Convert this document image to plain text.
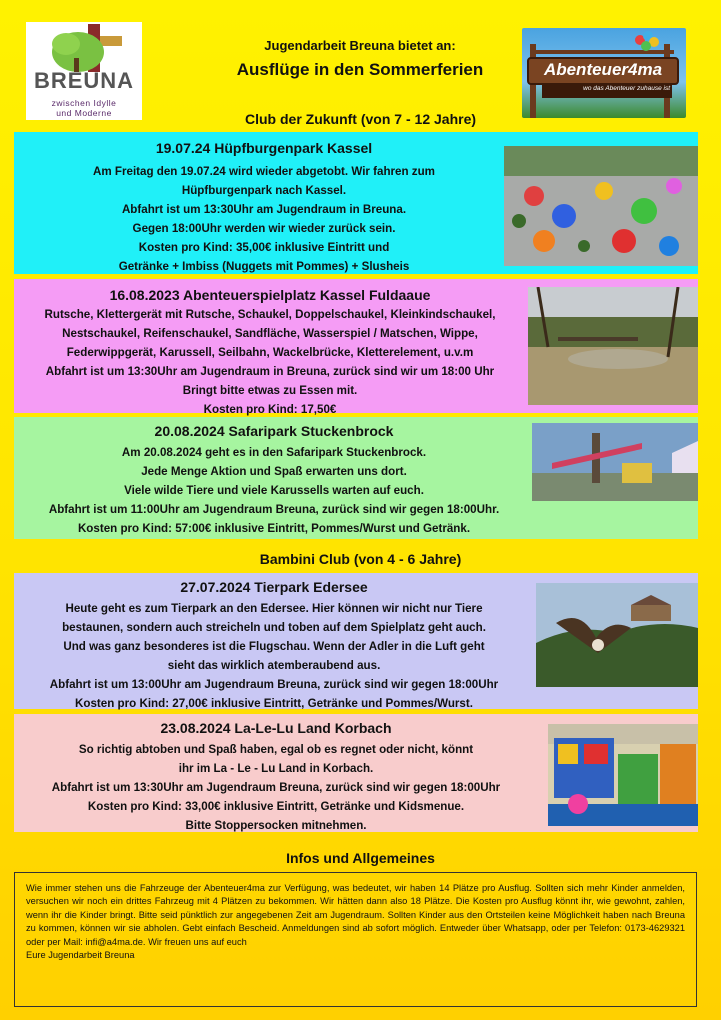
BREUNA
zwischen Idylle
und Moderne
Jugendarbeit Breuna bietet an:
Ausflüge in den Sommerferien	Abenteuer4ma
wo das Abenteuer zuhause ist
Club der Zukunft (von 7 - 12 Jahre)

19.07.24 Hüpfburgenpark Kassel

Am Freitag den 19.07.24 wird wieder abgetobt. Wir fahren zum

Hüpfburgenpark nach Kassel.

Abfahrt ist um 13:30Uhr am Jugendraum in Breuna.

Gegen 18:00Uhr werden wir wieder zurück sein.

Kosten pro Kind: 35,00€ inklusive Eintritt und

Getränke + Imbiss (Nuggets mit Pommes) + Slusheis

16.08.2023 Abenteuerspielplatz Kassel Fuldaaue

Rutsche, Klettergerät mit Rutsche, Schaukel, Doppelschaukel, Kleinkindschaukel,

Nestschaukel, Reifenschaukel, Sandfläche, Wasserspiel / Matschen, Wippe,

Federwippgerät, Karussell, Seilbahn, Wackelbrücke, Kletterelement, u.v.m

Abfahrt ist um 13:30Uhr am Jugendraum in Breuna, zurück sind wir um 18:00 Uhr

Bringt bitte etwas zu Essen mit.

Kosten pro Kind: 17,50€

20.08.2024 Safaripark Stuckenbrock

Am 20.08.2024 geht es in den Safaripark Stuckenbrock.

Jede Menge Aktion und Spaß erwarten uns dort.

Viele wilde Tiere und viele Karussells warten auf euch.

Abfahrt ist um 11:00Uhr am Jugendraum Breuna, zurück sind wir gegen 18:00Uhr.

Kosten pro Kind: 57:00€ inklusive Eintritt, Pommes/Wurst und Getränk.

Bambini Club (von 4 - 6 Jahre)

27.07.2024 Tierpark Edersee

Heute geht es zum Tierpark an den Edersee. Hier können wir nicht nur Tiere

bestaunen, sondern auch streicheln und toben auf dem Spielplatz geht auch.

Und was ganz besonderes ist die Flugschau. Wenn der Adler in die Luft geht

sieht das wirklich atemberaubend aus.

Abfahrt ist um 13:00Uhr am Jugendraum Breuna, zurück sind wir gegen 18:00Uhr

Kosten pro Kind: 27,00€ inklusive Eintritt, Getränke und Pommes/Wurst.

23.08.2024 La-Le-Lu Land Korbach

So richtig abtoben und Spaß haben, egal ob es regnet oder nicht, könnt

ihr im La - Le - Lu Land in Korbach.

Abfahrt ist um 13:30Uhr am Jugendraum Breuna, zurück sind wir gegen 18:00Uhr

Kosten pro Kind: 33,00€ inklusive Eintritt, Getränke und Kidsmenue.

Bitte Stoppersocken mitnehmen.

Infos und Allgemeines
Wie immer stehen uns die Fahrzeuge der Abenteuer4ma zur Verfügung, was bedeutet, wir haben 14 Plätze pro Ausflug. Sollten sich mehr Kinder anmelden, versuchen wir noch ein drittes Fahrzeug mit 4 Plätzen zu bekommen. Wir hätten dann also 18 Plätze. Die Kosten pro Ausflug könnt ihr, wie gewohnt, zahlen, wenn ihr die Kinder bringt. Bitte seid pünktlich zur angegebenen Zeit am Jugendraum. Sollten Kinder aus den Ortsteilen keine Möglichkeit haben nach Breuna zu kommen, können wir sie abholen. Gebt einfach Bescheid. Anmeldungen sind ab sofort möglich. Entweder über Whatsapp, oder per Telefon: 0173-4629321 oder per Mail: infi@a4ma.de. Wir freuen uns auf euch
Eure Jugendarbeit Breuna
